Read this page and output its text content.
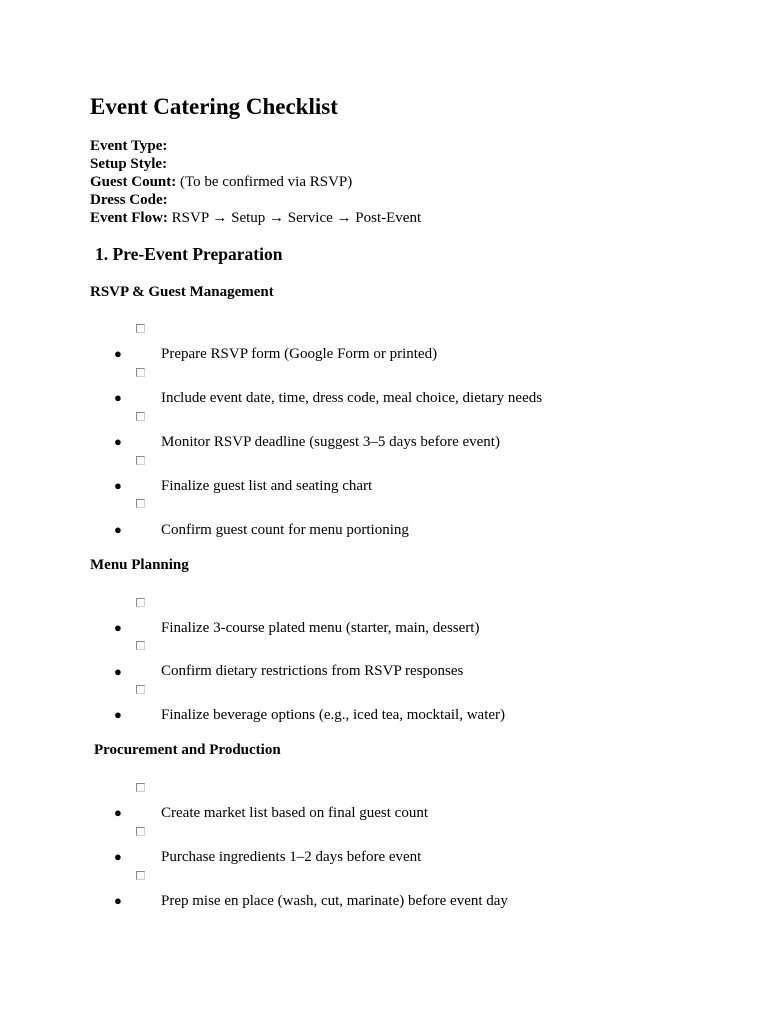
Event Catering Checklist
Event Type:
Setup Style:
Guest Count: (To be confirmed via RSVP)
Dress Code:
Event Flow: RSVP → Setup → Service → Post-Event
1. Pre-Event Preparation
RSVP & Guest Management
●	Prepare RSVP form (Google Form or printed)
●	Include event date, time, dress code, meal choice, dietary needs
●	Monitor RSVP deadline (suggest 3–5 days before event)
●	Finalize guest list and seating chart
●	Confirm guest count for menu portioning
Menu Planning
●	Finalize 3-course plated menu (starter, main, dessert)
●	Confirm dietary restrictions from RSVP responses
●	Finalize beverage options (e.g., iced tea, mocktail, water)
Procurement and Production
●	Create market list based on final guest count
●	Purchase ingredients 1–2 days before event
●	Prep mise en place (wash, cut, marinate) before event day
